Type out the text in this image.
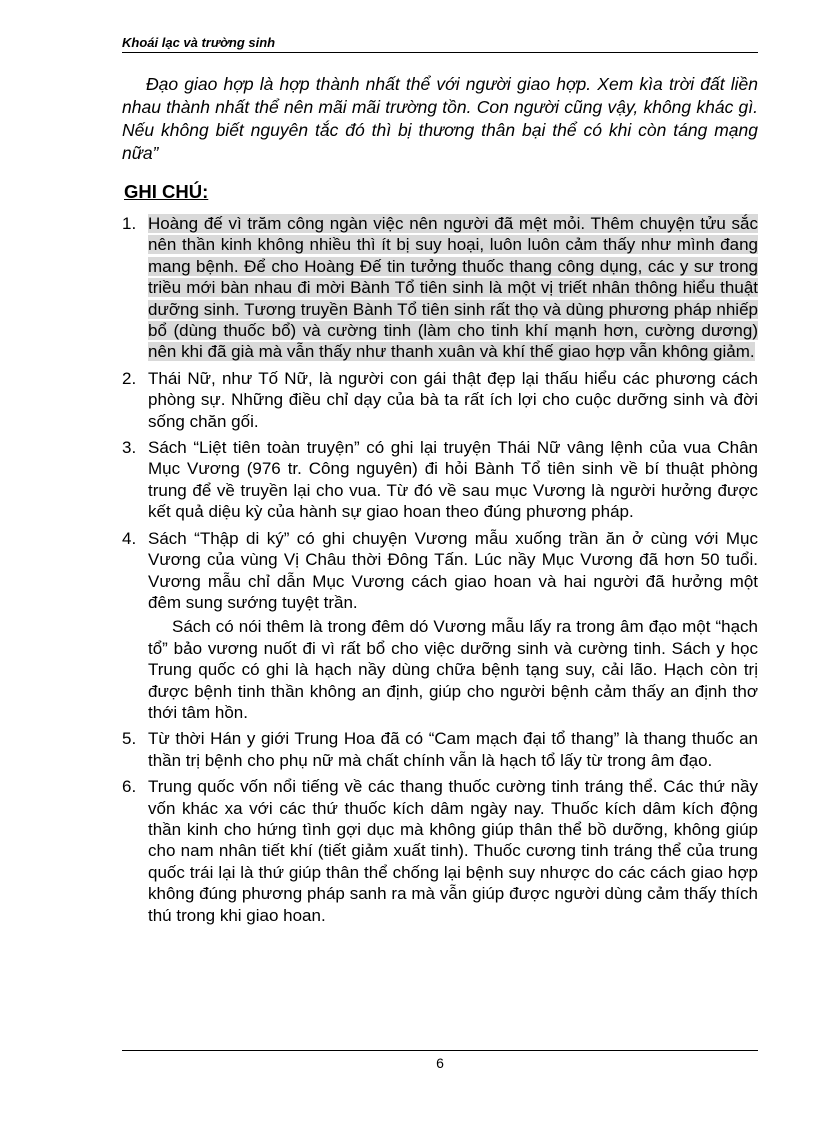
Khoái lạc và trường sinh

Đạo giao hợp là hợp thành nhất thể với người giao hợp. Xem kìa trời đất liền nhau thành nhất thể nên mãi mãi trường tồn. Con người cũng vậy, không khác gì. Nếu không biết nguyên tắc đó thì bị thương thân bại thể có khi còn táng mạng nữa”

GHI CHÚ:
1. Hoàng đế vì trăm công ngàn việc nên người đã mệt mỏi. Thêm chuyện tửu sắc nên thần kinh không nhiều thì ít bị suy hoại, luôn luôn cảm thấy như mình đang mang bệnh. Để cho Hoàng Đế tin tưởng thuốc thang công dụng, các y sư trong triều mới bàn nhau đi mời Bành Tổ tiên sinh là một vị triết nhân thông hiểu thuật dưỡng sinh. Tương truyền Bành Tổ tiên sinh rất thọ và dùng phương pháp nhiếp bổ (dùng thuốc bổ) và cường tinh (làm cho tinh khí mạnh hơn, cường dương) nên khi đã già mà vẫn thấy như thanh xuân và khí thế giao hợp vẫn không giảm.

2. Thái Nữ, như Tố Nữ, là người con gái thật đẹp lại thấu hiểu các phương cách phòng sự. Những điều chỉ dạy của bà ta rất ích lợi cho cuộc dưỡng sinh và đời sống chăn gối.

3. Sách “Liệt tiên toàn truyện” có ghi lại truyện Thái Nữ vâng lệnh của vua Chân Mục Vương (976 tr. Công nguyên) đi hỏi Bành Tổ tiên sinh về bí thuật phòng trung để về truyền lại cho vua. Từ đó về sau mục Vương là người hưởng được kết quả diệu kỳ của hành sự giao hoan theo đúng phương pháp.

4. Sách “Thập di ký” có ghi chuyện Vương mẫu xuống trần ăn ở cùng với Mục Vương của vùng Vị Châu thời Đông Tấn. Lúc nầy Mục Vương đã hơn 50 tuổi. Vương mẫu chỉ dẫn Mục Vương cách giao hoan và hai người đã hưởng một đêm sung sướng tuyệt trần.

Sách có nói thêm là trong đêm dó Vương mẫu lấy ra trong âm đạo một “hạch tổ” bảo vương nuốt đi vì rất bổ cho việc dưỡng sinh và cường tinh. Sách y học Trung quốc có ghi là hạch nầy dùng chữa bệnh tạng suy, cải lão. Hạch còn trị được bệnh tinh thần không an định, giúp cho người bệnh cảm thấy an định thơ thới tâm hồn.

5. Từ thời Hán y giới Trung Hoa đã có “Cam mạch đại tổ thang” là thang thuốc an thần trị bệnh cho phụ nữ mà chất chính vẫn là hạch tổ lấy từ trong âm đạo.

6. Trung quốc vốn nổi tiếng về các thang thuốc cường tinh tráng thể. Các thứ nầy vốn khác xa với các thứ thuốc kích dâm ngày nay. Thuốc kích dâm kích động thần kinh cho hứng tình gợi dục mà không giúp thân thể bồ dưỡng, không giúp cho nam nhân tiết khí (tiết giảm xuất tinh). Thuốc cương tinh tráng thể của trung quốc trái lại là thứ giúp thân thể chống lại bệnh suy nhược do các cách giao hợp không đúng phương pháp sanh ra mà vẫn giúp được người dùng cảm thấy thích thú trong khi giao hoan.

6
